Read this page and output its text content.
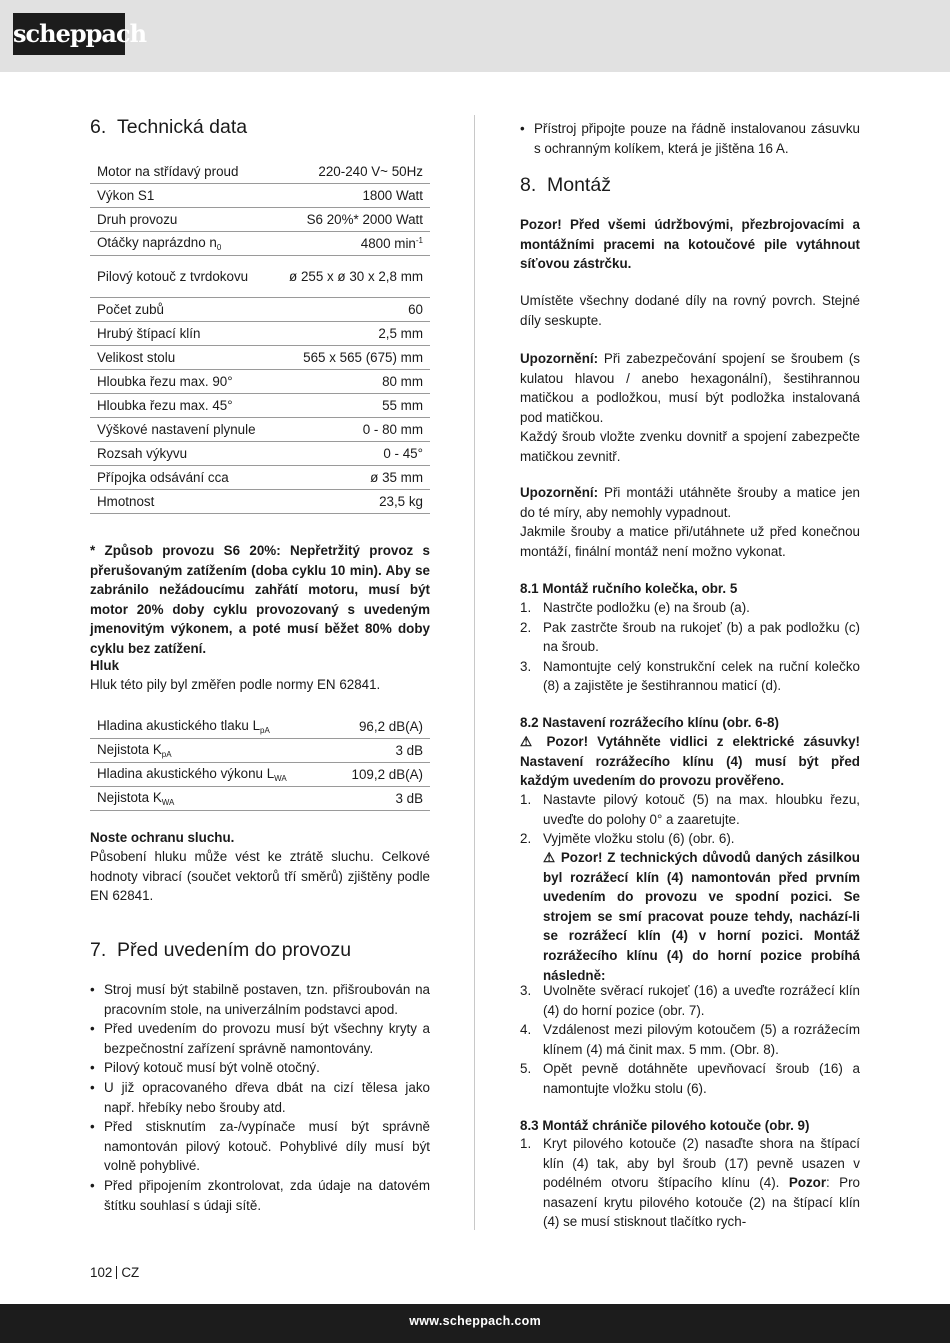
scheppach
6. Technická data
Motor na střídavý proud	220-240 V~ 50Hz
Výkon S1	1800 Watt
Druh provozu	S6 20%* 2000 Watt
Otáčky naprázdno $n_0$	4800 $\min^{-1}$
Pilový kotouč z tvrdokovu	ø 255 x ø 30 x 2,8 mm
Počet zubů	60
Hrubý štípací klín	2,5 mm
Velikost stolu	565 x 565 (675) mm
Hloubka řezu max. 90°	80 mm
Hloubka řezu max. 45°	55 mm
Výškové nastavení plynule	0 - 80 mm
Rozsah výkyvu	0 - 45°
Přípojka odsávání cca	ø 35 mm
Hmotnost	23,5 kg
* Způsob provozu S6 20%: Nepřetržitý provoz s přerušovaným zatížením (doba cyklu 10 min). Aby se zabránilo nežádoucímu zahřátí motoru, musí být motor 20% doby cyklu provozovaný s uvedeným jmenovitým výkonem, a poté musí běžet 80% doby cyklu bez zatížení.
Hluk
Hluk této pily byl změřen podle normy EN 62841.
Hladina akustického tlaku $L_{pA}$	96,2 dB(A)
Nejistota $K_{pA}$	3 dB
Hladina akustického výkonu $L_{WA}$	109,2 dB(A)
Nejistota $K_{WA}$	3 dB
Noste ochranu sluchu.
Působení hluku může vést ke ztrátě sluchu. Celkové hodnoty vibrací (součet vektorů tří směrů) zjištěny podle EN 62841.
7. Před uvedením do provozu
• Stroj musí být stabilně postaven, tzn. přišroubován na pracovním stole, na univerzálním podstavci apod.
• Před uvedením do provozu musí být všechny kryty a bezpečnostní zařízení správně namontovány.
• Pilový kotouč musí být volně otočný.
• U již opracovaného dřeva dbát na cizí tělesa jako např. hřebíky nebo šrouby atd.
• Před stisknutím za-/vypínače musí být správně namontován pilový kotouč. Pohyblivé díly musí být volně pohyblivé.
• Před připojením zkontrolovat, zda údaje na datovém štítku souhlasí s údaji sítě.
• Přístroj připojte pouze na řádně instalovanou zásuvku s ochranným kolíkem, která je jištěna 16 A.
8. Montáž
Pozor! Před všemi údržbovými, přezbrojovacími a montážními pracemi na kotoučové pile vytáhnout síťovou zástrčku.
Umístěte všechny dodané díly na rovný povrch. Stejné díly seskupte.
Upozornění: Při zabezpečování spojení se šroubem (s kulatou hlavou / anebo hexagonální), šestihrannou matičkou a podložkou, musí být podložka instalovaná pod matičkou.
Každý šroub vložte zvenku dovnitř a spojení zabezpečte matičkou zevnitř.
Upozornění: Při montáži utáhněte šrouby a matice jen do té míry, aby nemohly vypadnout.
Jakmile šrouby a matice při/utáhnete už před konečnou montáží, finální montáž není možno vykonat.
8.1 Montáž ručního kolečka, obr. 5
1. Nastrčte podložku (e) na šroub (a).
2. Pak zastrčte šroub na rukojeť (b) a pak podložku (c) na šroub.
3. Namontujte celý konstrukční celek na ruční kolečko (8) a zajistěte je šestihrannou maticí (d).
8.2 Nastavení rozrážecího klínu (obr. 6-8)
⚠ Pozor! Vytáhněte vidlici z elektrické zásuvky! Nastavení rozrážecího klínu (4) musí být před každým uvedením do provozu prověřeno.
1. Nastavte pilový kotouč (5) na max. hloubku řezu, uveďte do polohy 0° a zaaretujte.
2. Vyjměte vložku stolu (6) (obr. 6).
⚠ Pozor! Z technických důvodů daných zásilkou byl rozrážecí klín (4) namontován před prvním uvedením do provozu ve spodní pozici. Se strojem se smí pracovat pouze tehdy, nachází-li se rozrážecí klín (4) v horní pozici. Montáž rozrážecího klínu (4) do horní pozice probíhá následně:
3. Uvolněte svěrací rukojeť (16) a uveďte rozrážecí klín (4) do horní pozice (obr. 7).
4. Vzdálenost mezi pilovým kotoučem (5) a rozrážecím klínem (4) má činit max. 5 mm. (Obr. 8).
5. Opět pevně dotáhněte upevňovací šroub (16) a namontujte vložku stolu (6).
8.3 Montáž chrániče pilového kotouče (obr. 9)
1. Kryt pilového kotouče (2) nasaďte shora na štípací klín (4) tak, aby byl šroub (17) pevně usazen v podélném otvoru štípacího klínu (4). Pozor: Pro nasazení krytu pilového kotouče (2) na štípací klín (4) se musí stisknout tlačítko rych-
102 CZ
www.scheppach.com
